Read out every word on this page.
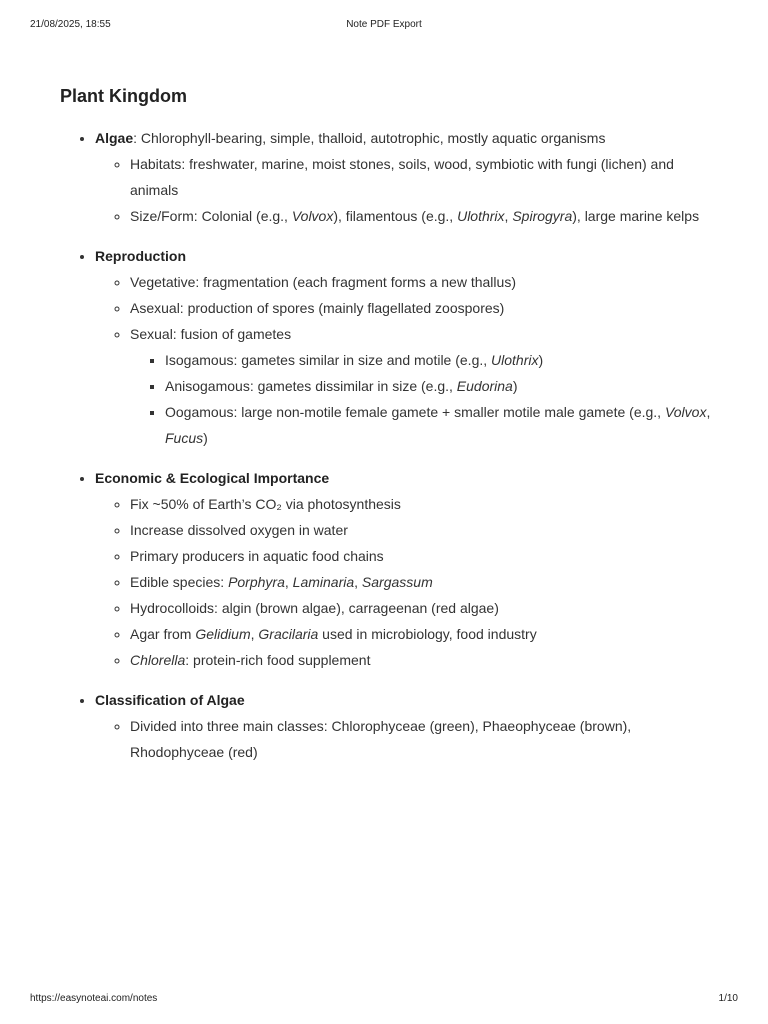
21/08/2025, 18:55	Note PDF Export
Plant Kingdom
• Algae: Chlorophyll-bearing, simple, thalloid, autotrophic, mostly aquatic organisms
◦ Habitats: freshwater, marine, moist stones, soils, wood, symbiotic with fungi (lichen) and animals
◦ Size/Form: Colonial (e.g., Volvox), filamentous (e.g., Ulothrix, Spirogyra), large marine kelps
• Reproduction
◦ Vegetative: fragmentation (each fragment forms a new thallus)
◦ Asexual: production of spores (mainly flagellated zoospores)
◦ Sexual: fusion of gametes
▪ Isogamous: gametes similar in size and motile (e.g., Ulothrix)
▪ Anisogamous: gametes dissimilar in size (e.g., Eudorina)
▪ Oogamous: large non-motile female gamete + smaller motile male gamete (e.g., Volvox, Fucus)
• Economic & Ecological Importance
◦ Fix ~50% of Earth’s CO₂ via photosynthesis
◦ Increase dissolved oxygen in water
◦ Primary producers in aquatic food chains
◦ Edible species: Porphyra, Laminaria, Sargassum
◦ Hydrocolloids: algin (brown algae), carrageenan (red algae)
◦ Agar from Gelidium, Gracilaria used in microbiology, food industry
◦ Chlorella: protein-rich food supplement
• Classification of Algae
◦ Divided into three main classes: Chlorophyceae (green), Phaeophyceae (brown), Rhodophyceae (red)
https://easynoteai.com/notes	1/10
